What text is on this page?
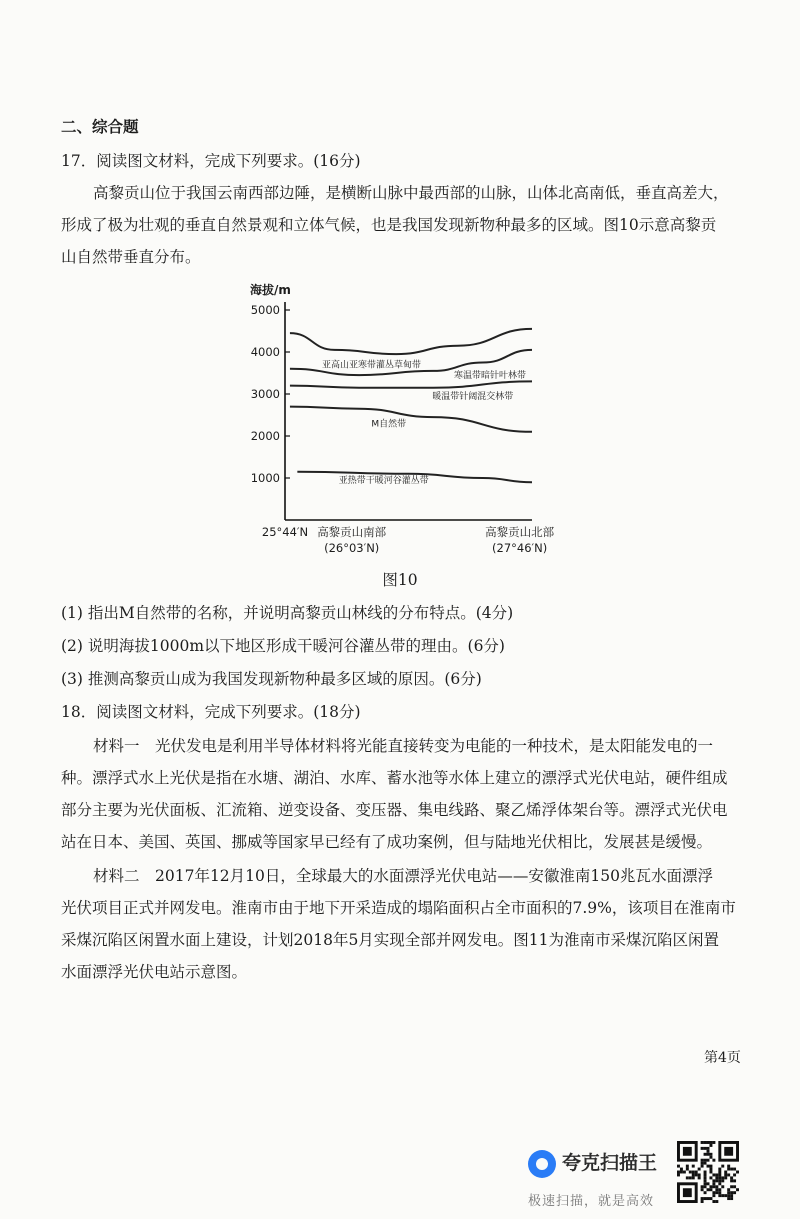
二、综合题
17．阅读图文材料，完成下列要求。(16分)
高黎贡山位于我国云南西部边陲，是横断山脉中最西部的山脉，山体北高南低，垂直高差大，
形成了极为壮观的垂直自然景观和立体气候，也是我国发现新物种最多的区域。图10示意高黎贡
山自然带垂直分布。
海拔/m
1000
2000
3000
4000
5000
25°44′N 高黎贡山南部
(26°03′N)
高黎贡山北部
(27°46′N)
亚高山亚寒带灌丛草甸带
寒温带暗针叶林带
暖温带针阔混交林带
M自然带
亚热带干暖河谷灌丛带
图10
(1) 指出M自然带的名称，并说明高黎贡山林线的分布特点。(4分)
(2) 说明海拔1000m以下地区形成干暖河谷灌丛带的理由。(6分)
(3) 推测高黎贡山成为我国发现新物种最多区域的原因。(6分)
18．阅读图文材料，完成下列要求。(18分)
材料一　光伏发电是利用半导体材料将光能直接转变为电能的一种技术，是太阳能发电的一
种。漂浮式水上光伏是指在水塘、湖泊、水库、蓄水池等水体上建立的漂浮式光伏电站，硬件组成
部分主要为光伏面板、汇流箱、逆变设备、变压器、集电线路、聚乙烯浮体架台等。漂浮式光伏电
站在日本、美国、英国、挪威等国家早已经有了成功案例，但与陆地光伏相比，发展甚是缓慢。
材料二　2017年12月10日，全球最大的水面漂浮光伏电站——安徽淮南150兆瓦水面漂浮
光伏项目正式并网发电。淮南市由于地下开采造成的塌陷面积占全市面积的7.9%，该项目在淮南市
采煤沉陷区闲置水面上建设，计划2018年5月实现全部并网发电。图11为淮南市采煤沉陷区闲置
水面漂浮光伏电站示意图。
第4页
夸克扫描王
极速扫描，就是高效
